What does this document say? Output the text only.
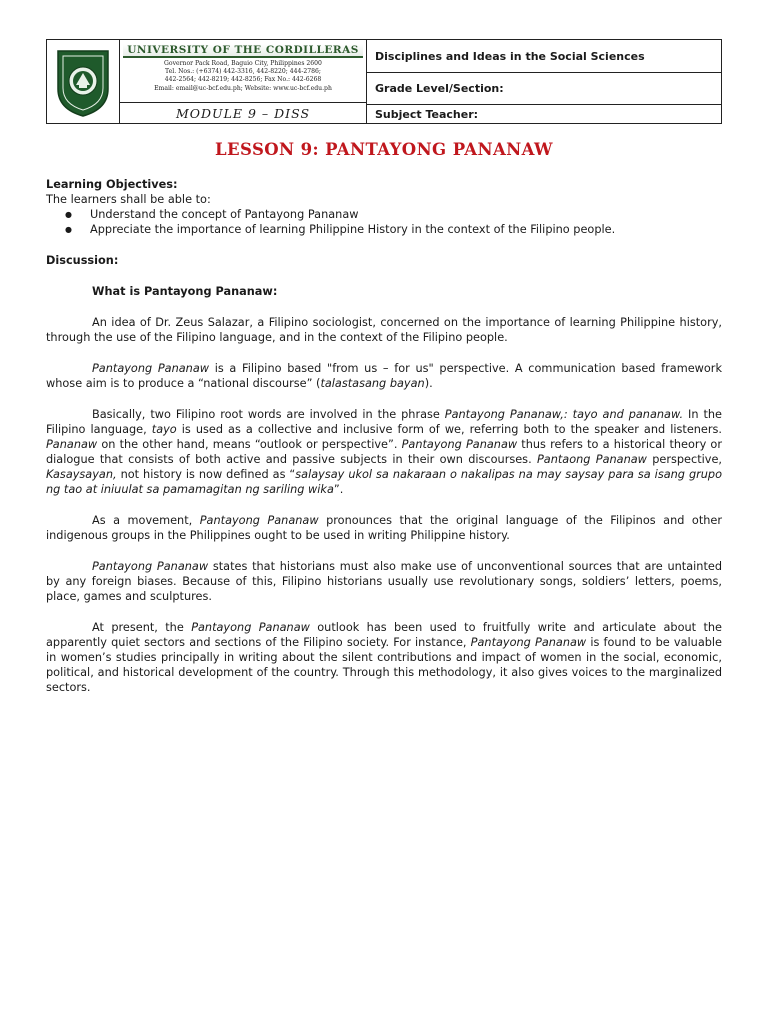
UNIVERSITY OF THE CORDILLERAS
Governor Pack Road, Baguio City, Philippines 2600
Tel. Nos.: (+6374) 442-3316, 442-8220; 444-2786;
442-2564; 442-8219; 442-8256; Fax No.: 442-6268
Email: email@uc-bcf.edu.ph; Website: www.uc-bcf.edu.ph
MODULE 9 – DISS
Disciplines and Ideas in the Social Sciences
Grade Level/Section:
Subject Teacher:
LESSON 9: PANTAYONG PANANAW

Learning Objectives:

The learners shall be able to:

● Understand the concept of Pantayong Pananaw
● Appreciate the importance of learning Philippine History in the context of the Filipino people.

Discussion:

What is Pantayong Pananaw:

An idea of Dr. Zeus Salazar, a Filipino sociologist, concerned on the importance of learning Philippine history, through the use of the Filipino language, and in the context of the Filipino people.

Pantayong Pananaw is a Filipino based "from us – for us" perspective. A communication based framework whose aim is to produce a “national discourse” (talastasang bayan).

Basically, two Filipino root words are involved in the phrase Pantayong Pananaw,: tayo and pananaw. In the Filipino language, tayo is used as a collective and inclusive form of we, referring both to the speaker and listeners. Pananaw on the other hand, means “outlook or perspective”. Pantayong Pananaw thus refers to a historical theory or dialogue that consists of both active and passive subjects in their own discourses. Pantaong Pananaw perspective, Kasaysayan, not history is now defined as “salaysay ukol sa nakaraan o nakalipas na may saysay para sa isang grupo ng tao at iniuulat sa pamamagitan ng sariling wika”.

As a movement, Pantayong Pananaw pronounces that the original language of the Filipinos and other indigenous groups in the Philippines ought to be used in writing Philippine history.

Pantayong Pananaw states that historians must also make use of unconventional sources that are untainted by any foreign biases. Because of this, Filipino historians usually use revolutionary songs, soldiers’ letters, poems, place, games and sculptures.

At present, the Pantayong Pananaw outlook has been used to fruitfully write and articulate about the apparently quiet sectors and sections of the Filipino society. For instance, Pantayong Pananaw is found to be valuable in women’s studies principally in writing about the silent contributions and impact of women in the social, economic, political, and historical development of the country. Through this methodology, it also gives voices to the marginalized sectors.
